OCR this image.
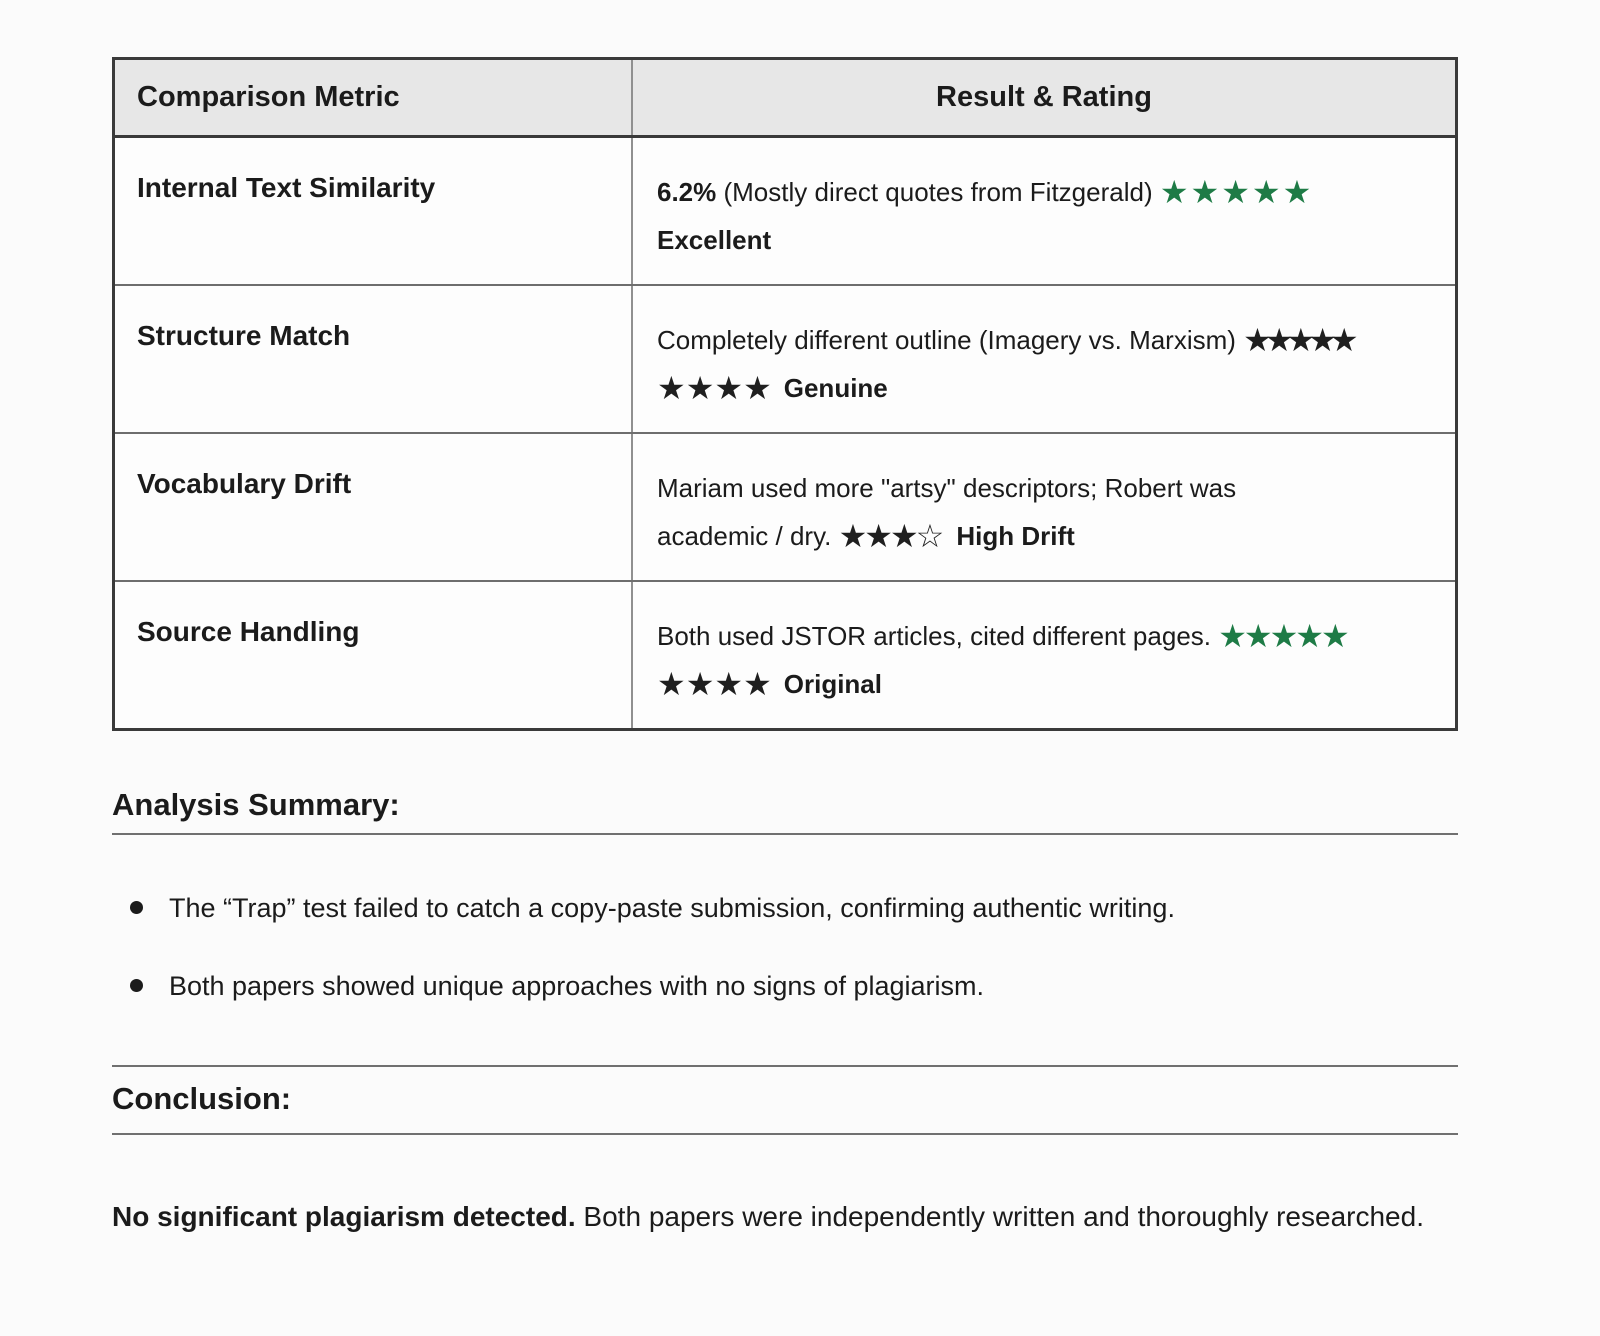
Comparison Metric	Result & Rating
Internal Text Similarity	6.2% (Mostly direct quotes from Fitzgerald) ★★★★★
Excellent
Structure Match	Completely different outline (Imagery vs. Marxism) ★★★★★
★★★★ Genuine
Vocabulary Drift	Mariam used more "artsy" descriptors; Robert was
academic / dry. ★★★☆ High Drift
Source Handling	Both used JSTOR articles, cited different pages. ★★★★★
★★★★ Original
Analysis Summary:
The “Trap” test failed to catch a copy-paste submission, confirming authentic writing.
Both papers showed unique approaches with no signs of plagiarism.
Conclusion:
No significant plagiarism detected. Both papers were independently written and thoroughly researched.
